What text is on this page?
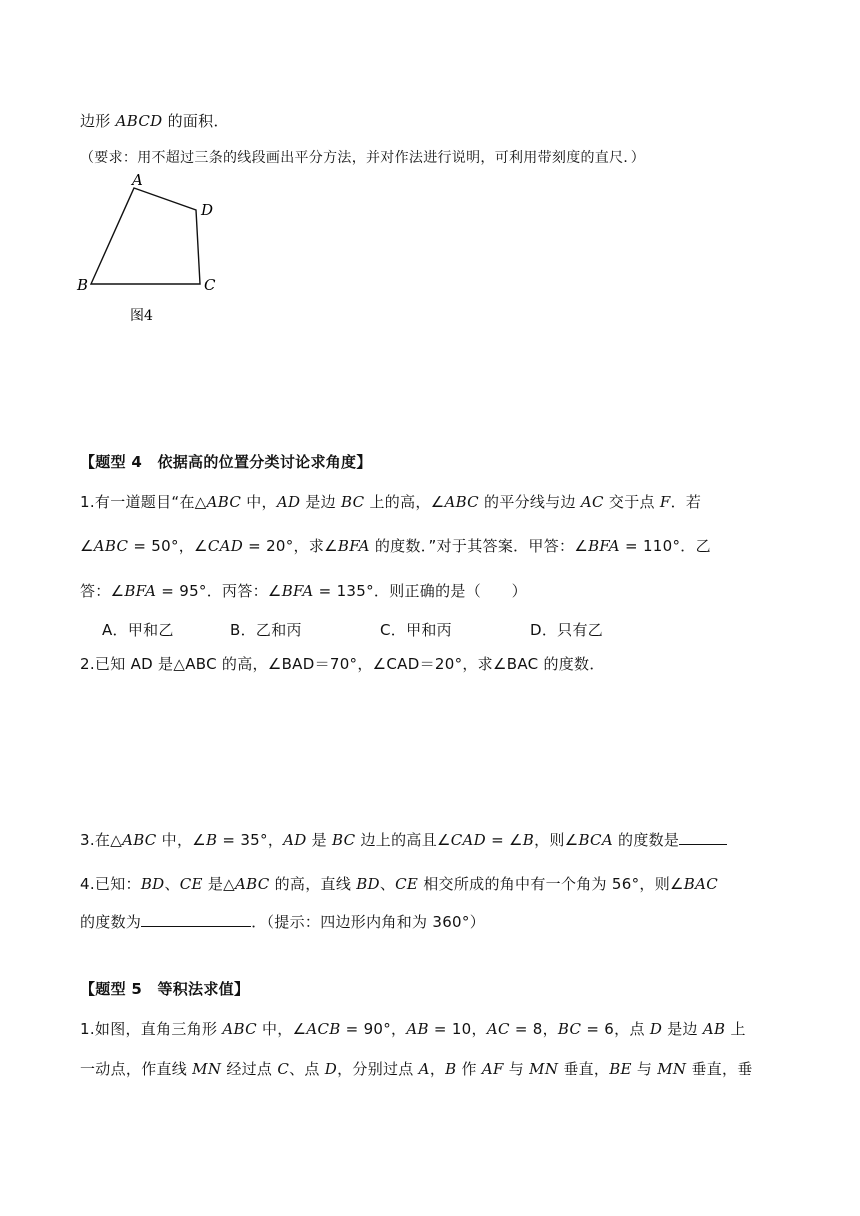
边形 ABCD 的面积．
（要求：用不超过三条的线段画出平分方法，并对作法进行说明，可利用带刻度的直尺．）
A
D
B	C
图4
【题型 4　依据高的位置分类讨论求角度】
1.有一道题目“在△ABC 中，AD 是边 BC 上的高，∠ABC 的平分线与边 AC 交于点 F．若
∠ABC = 50°，∠CAD = 20°，求∠BFA 的度数．”对于其答案．甲答：∠BFA = 110°．乙
答：∠BFA = 95°．丙答：∠BFA = 135°．则正确的是（　　）
A．甲和乙	B．乙和丙	C．甲和丙	D．只有乙
2.已知 AD 是△ABC 的高，∠BAD＝70°，∠CAD＝20°，求∠BAC 的度数．
3.在△ABC 中，∠B = 35°，AD 是 BC 边上的高且∠CAD = ∠B，则∠BCA 的度数是
4.已知：BD、CE 是△ABC 的高，直线 BD、CE 相交所成的角中有一个角为 56°，则∠BAC
的度数为	．（提示：四边形内角和为 360°）
【题型 5　等积法求值】
1.如图，直角三角形 ABC 中，∠ACB = 90°，AB = 10，AC = 8，BC = 6，点 D 是边 AB 上
一动点，作直线 MN 经过点 C、点 D，分别过点 A，B 作 AF 与 MN 垂直，BE 与 MN 垂直，垂
